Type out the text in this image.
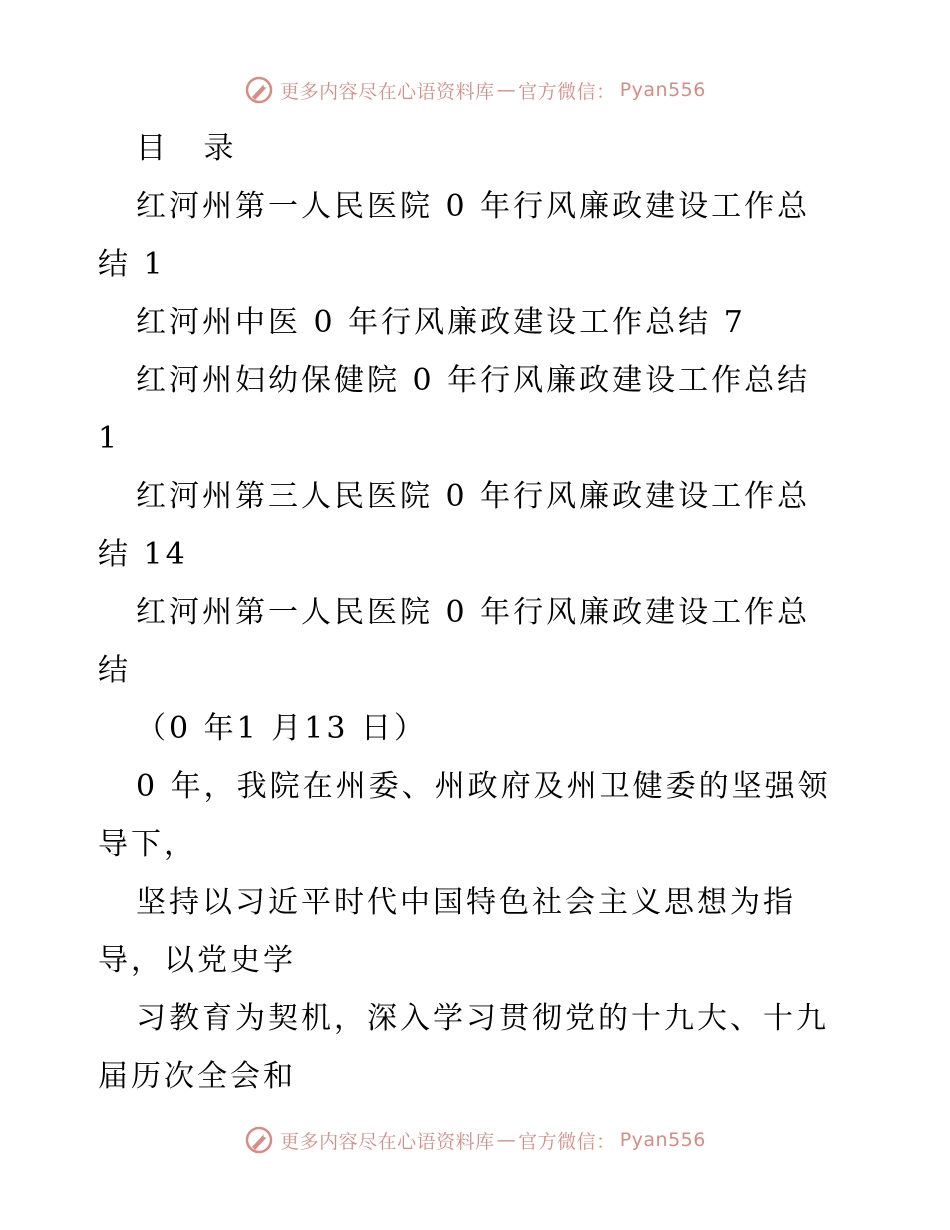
更多内容尽在心语资料库 — 官方微信： Pyan556
目 录
红河州第一人民医院 0 年行风廉政建设工作总
结 1
红河州中医 0 年行风廉政建设工作总结 7
红河州妇幼保健院 0 年行风廉政建设工作总结
1
红河州第三人民医院 0 年行风廉政建设工作总
结 14
红河州第一人民医院 0 年行风廉政建设工作总
结
（0 年1 月13 日）
0 年，我院在州委、州政府及州卫健委的坚强领
导下，
坚持以习近平时代中国特色社会主义思想为指
导，以党史学
习教育为契机，深入学习贯彻党的十九大、十九
届历次全会和
更多内容尽在心语资料库 — 官方微信： Pyan556
